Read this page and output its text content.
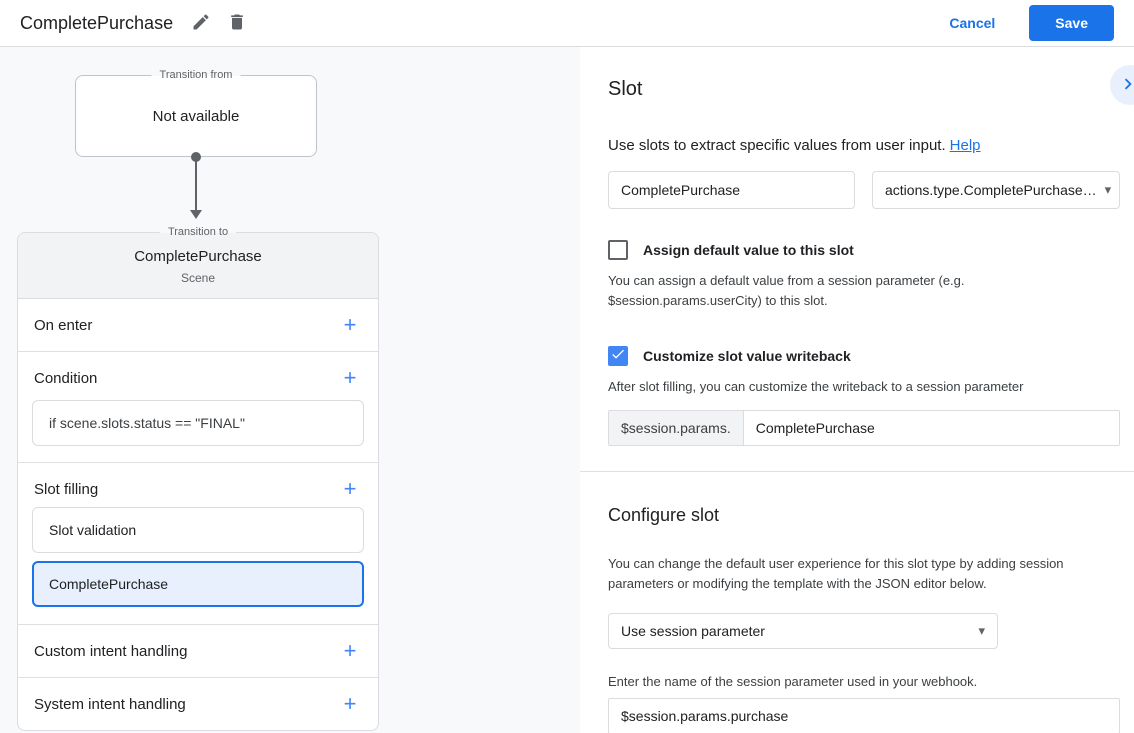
CompletePurchase	Cancel	Save
Transition from
Not available
Transition to
CompletePurchase
Scene
On enter	+
Condition	+
if scene.slots.status == "FINAL"
Slot filling	+
Slot validation
CompletePurchase
Custom intent handling	+
System intent handling	+
Slot

Use slots to extract specific values from user input. Help

CompletePurchase
actions.type.CompletePurchase… ▾
Assign default value to this slot

You can assign a default value from a session parameter (e.g. $session.params.userCity) to this slot.

Customize slot value writeback

After slot filling, you can customize the writeback to a session parameter

$session.params.
CompletePurchase
Configure slot

You can change the default user experience for this slot type by adding session parameters or modifying the template with the JSON editor below.

Use session parameter	▾

Enter the name of the session parameter used in your webhook.

$session.params.purchase
